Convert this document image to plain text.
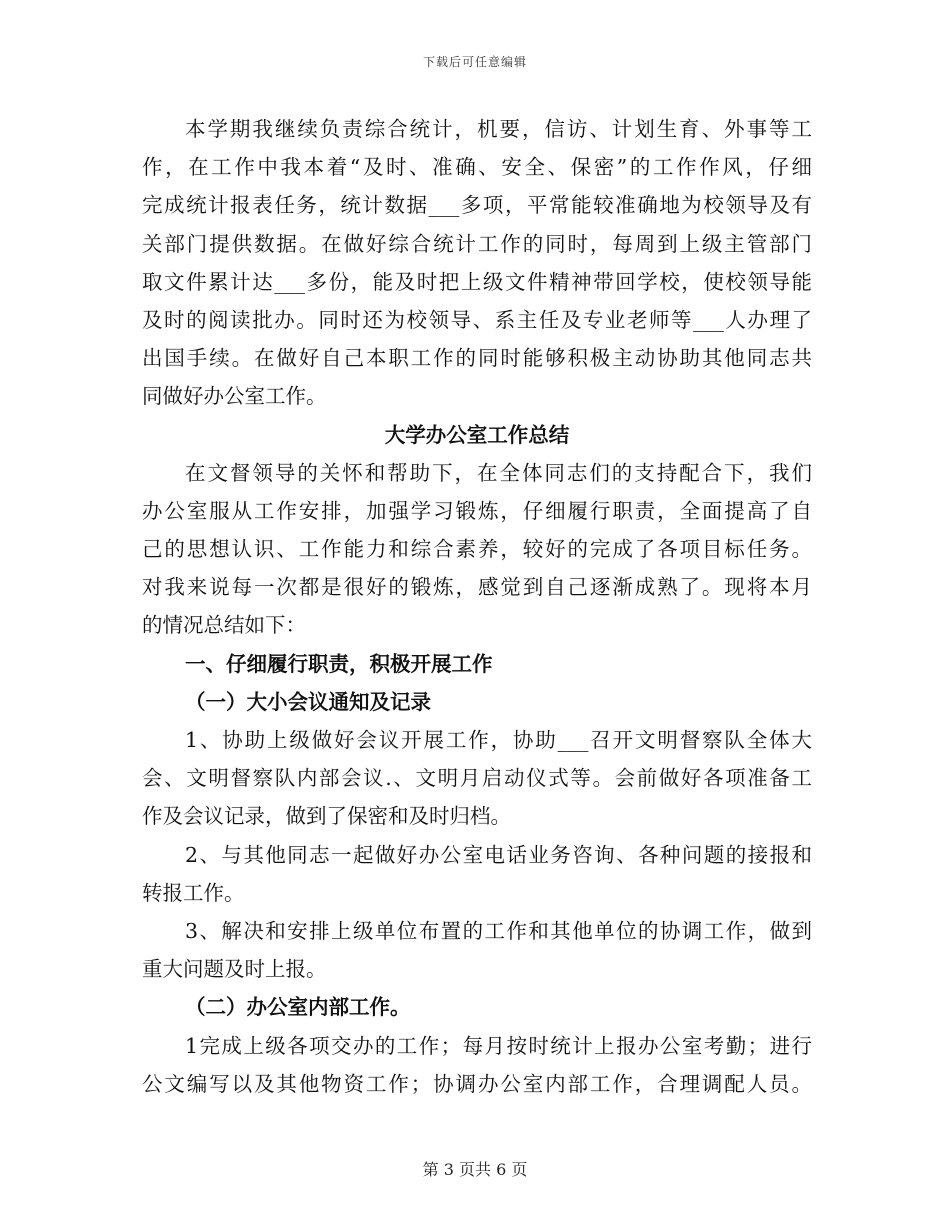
下载后可任意编辑
本学期我继续负责综合统计，机要，信访、计划生育、外事等工
作，在工作中我本着“及时、准确、安全、保密”的工作作风，仔细
完成统计报表任务，统计数据___多项，平常能较准确地为校领导及有
关部门提供数据。在做好综合统计工作的同时，每周到上级主管部门
取文件累计达___多份，能及时把上级文件精神带回学校，使校领导能
及时的阅读批办。同时还为校领导、系主任及专业老师等___人办理了
出国手续。在做好自己本职工作的同时能够积极主动协助其他同志共
同做好办公室工作。
大学办公室工作总结
在文督领导的关怀和帮助下，在全体同志们的支持配合下，我们
办公室服从工作安排，加强学习锻炼，仔细履行职责，全面提高了自
己的思想认识、工作能力和综合素养，较好的完成了各项目标任务。
对我来说每一次都是很好的锻炼，感觉到自己逐渐成熟了。现将本月
的情况总结如下：
一、仔细履行职责，积极开展工作
（一）大小会议通知及记录
1、协助上级做好会议开展工作，协助___召开文明督察队全体大
会、文明督察队内部会议.、文明月启动仪式等。会前做好各项准备工
作及会议记录，做到了保密和及时归档。
2、与其他同志一起做好办公室电话业务咨询、各种问题的接报和
转报工作。
3、解决和安排上级单位布置的工作和其他单位的协调工作，做到
重大问题及时上报。
（二）办公室内部工作。
1完成上级各项交办的工作；每月按时统计上报办公室考勤；进行
公文编写以及其他物资工作；协调办公室内部工作，合理调配人员。
第 3 页共 6 页
